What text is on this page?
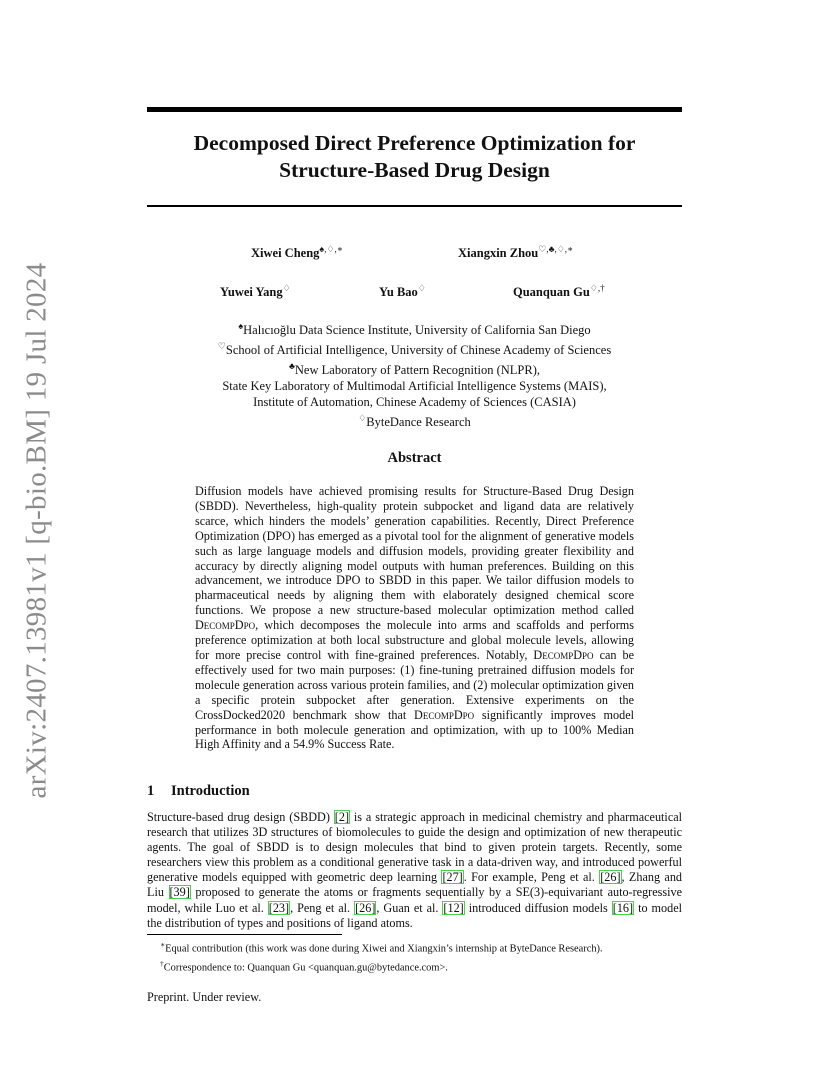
arXiv:2407.13981v1 [q-bio.BM] 19 Jul 2024
Decomposed Direct Preference Optimization for
Structure-Based Drug Design
Xiwei Cheng♠,♢,∗	Xiangxin Zhou♡,♣,♢,∗
Yuwei Yang♢	Yu Bao♢	Quanquan Gu♢,†
♠Halıcıoğlu Data Science Institute, University of California San Diego
♡School of Artificial Intelligence, University of Chinese Academy of Sciences
♣New Laboratory of Pattern Recognition (NLPR),
State Key Laboratory of Multimodal Artificial Intelligence Systems (MAIS),
Institute of Automation, Chinese Academy of Sciences (CASIA)
♢ByteDance Research
Abstract

Diffusion models have achieved promising results for Structure-Based Drug Design (SBDD). Nevertheless, high-quality protein subpocket and ligand data are relatively scarce, which hinders the models’ generation capabilities. Recently, Direct Preference Optimization (DPO) has emerged as a pivotal tool for the alignment of generative models such as large language models and diffusion models, providing greater flexibility and accuracy by directly aligning model outputs with human preferences. Building on this advancement, we introduce DPO to SBDD in this paper. We tailor diffusion models to pharmaceutical needs by aligning them with elaborately designed chemical score functions. We propose a new structure-based molecular optimization method called DecompDpo, which decomposes the molecule into arms and scaffolds and performs preference optimization at both local substructure and global molecule levels, allowing for more precise control with fine-grained preferences. Notably, DecompDpo can be effectively used for two main purposes: (1) fine-tuning pretrained diffusion models for molecule generation across various protein families, and (2) molecular optimization given a specific protein subpocket after generation. Extensive experiments on the CrossDocked2020 benchmark show that DecompDpo significantly improves model performance in both molecule generation and optimization, with up to 100% Median High Affinity and a 54.9% Success Rate.

1 Introduction

Structure-based drug design (SBDD) [2] is a strategic approach in medicinal chemistry and pharmaceutical research that utilizes 3D structures of biomolecules to guide the design and optimization of new therapeutic agents. The goal of SBDD is to design molecules that bind to given protein targets. Recently, some researchers view this problem as a conditional generative task in a data-driven way, and introduced powerful generative models equipped with geometric deep learning [27]. For example, Peng et al. [26], Zhang and Liu [39] proposed to generate the atoms or fragments sequentially by a SE(3)-equivariant auto-regressive model, while Luo et al. [23], Peng et al. [26], Guan et al. [12] introduced diffusion models [16] to model the distribution of types and positions of ligand atoms.

∗Equal contribution (this work was done during Xiwei and Xiangxin’s internship at ByteDance Research).

†Correspondence to: Quanquan Gu <quanquan.gu@bytedance.com>.

Preprint. Under review.
